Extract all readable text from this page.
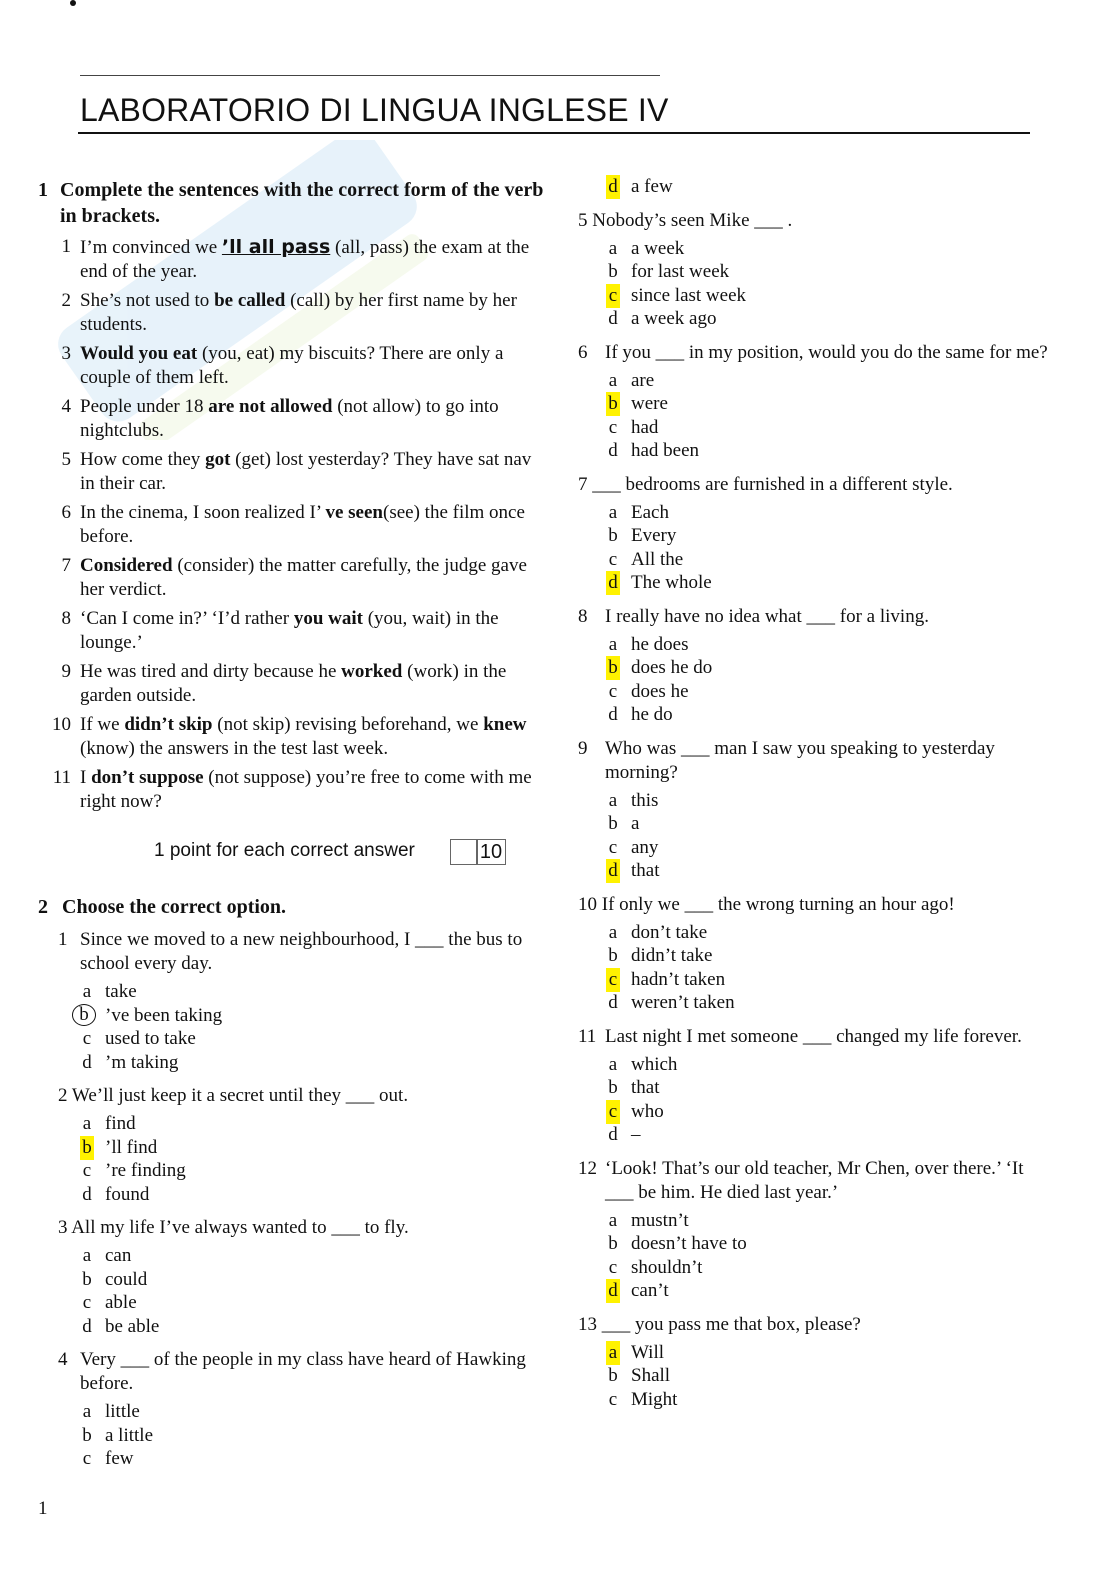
LABORATORIO DI LINGUA INGLESE IV
1 Complete the sentences with the correct form of the verb in brackets.
1 I’m convinced we ’ll all pass (all, pass) the exam at the end of the year.
2 She’s not used to be called (call) by her first name by her students.
3 Would you eat (you, eat) my biscuits? There are only a couple of them left.
4 People under 18 are not allowed (not allow) to go into nightclubs.
5 How come they got (get) lost yesterday? They have sat nav in their car.
6 In the cinema, I soon realized I’ ve seen(see) the film once before.
7 Considered (consider) the matter carefully, the judge gave her verdict.
8 ‘Can I come in?’ ‘I’d rather you wait (you, wait) in the lounge.’
9 He was tired and dirty because he worked (work) in the garden outside.
10 If we didn’t skip (not skip) revising beforehand, we knew (know) the answers in the test last week.
11 I don’t suppose (not suppose) you’re free to come with me right now?
1 point for each correct answer	10
2 Choose the correct option.
1 Since we moved to a new neighbourhood, I ___ the bus to school every day.
a take
b ’ve been taking
c used to take
d ’m taking
2 We’ll just keep it a secret until they ___ out.
a find
b ’ll find
c ’re finding
d found
3 All my life I’ve always wanted to ___ to fly.
a can
b could
c able
d be able
4 Very ___ of the people in my class have heard of Hawking before.
a little
b a little
c few
1
d a few
5 Nobody’s seen Mike ___ .
a a week
b for last week
c since last week
d a week ago
6 If you ___ in my position, would you do the same for me?
a are
b were
c had
d had been
7 ___ bedrooms are furnished in a different style.
a Each
b Every
c All the
d The whole
8 I really have no idea what ___ for a living.
a he does
b does he do
c does he
d he do
9 Who was ___ man I saw you speaking to yesterday morning?
a this
b a
c any
d that
10 If only we ___ the wrong turning an hour ago!
a don’t take
b didn’t take
c hadn’t taken
d weren’t taken
11 Last night I met someone ___ changed my life forever.
a which
b that
c who
d –
12 ‘Look! That’s our old teacher, Mr Chen, over there.’ ‘It ___ be him. He died last year.’
a mustn’t
b doesn’t have to
c shouldn’t
d can’t
13 ___ you pass me that box, please?
a Will
b Shall
c Might
